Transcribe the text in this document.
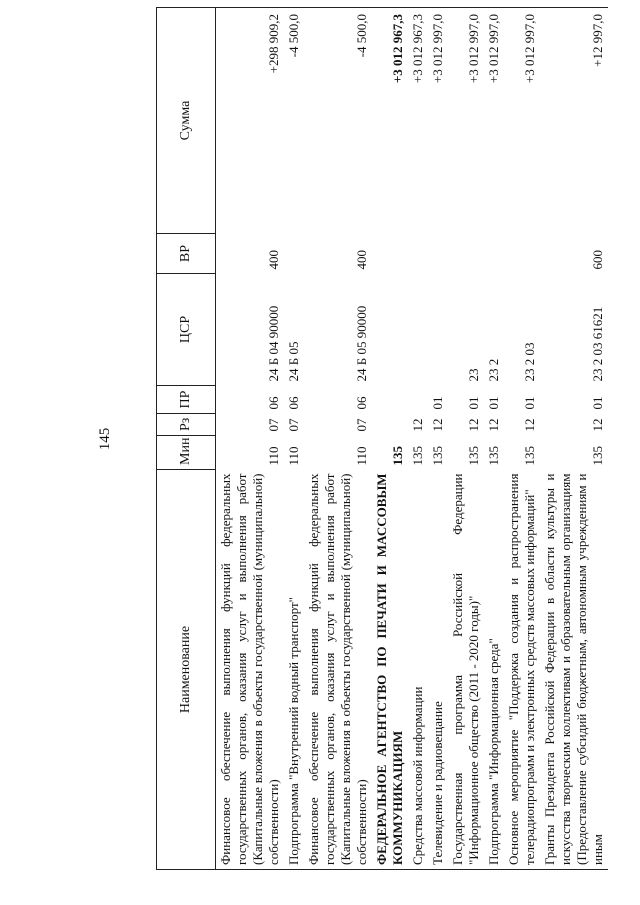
145
Наименование	Мин	Рз	ПР	ЦСР	ВР	Сумма
Финансовое обеспечение выполнения функций федеральных государственных органов, оказания услуг и выполнения работ (Капитальные вложения в объекты государственной (муниципальной) собственности)	110	07	06	24 Б 04 90000	400	+298 909,2
Подпрограмма "Внутренний водный транспорт"	110	07	06	24 Б 05		-4 500,0
Финансовое обеспечение выполнения функций федеральных государственных органов, оказания услуг и выполнения работ (Капитальные вложения в объекты государственной (муниципальной) собственности)	110	07	06	24 Б 05 90000	400	-4 500,0
ФЕДЕРАЛЬНОЕ АГЕНТСТВО ПО ПЕЧАТИ И МАССОВЫМ КОММУНИКАЦИЯМ	135					+3 012 967,3
Средства массовой информации	135	12				+3 012 967,3
Телевидение и радиовещание	135	12	01			+3 012 997,0
Государственная программа Российской Федерации "Информационное общество (2011 - 2020 годы)"	135	12	01	23		+3 012 997,0
Подпрограмма "Информационная среда"	135	12	01	23 2		+3 012 997,0
Основное мероприятие "Поддержка создания и распространения телерадиопрограмм и электронных средств массовых информаций"	135	12	01	23 2 03		+3 012 997,0
Гранты Президента Российской Федерации в области культуры и искусства творческим коллективам и образовательным организациям (Предоставление субсидий бюджетным, автономным учреждениям и иным	135	12	01	23 2 03 61621	600	+12 997,0
